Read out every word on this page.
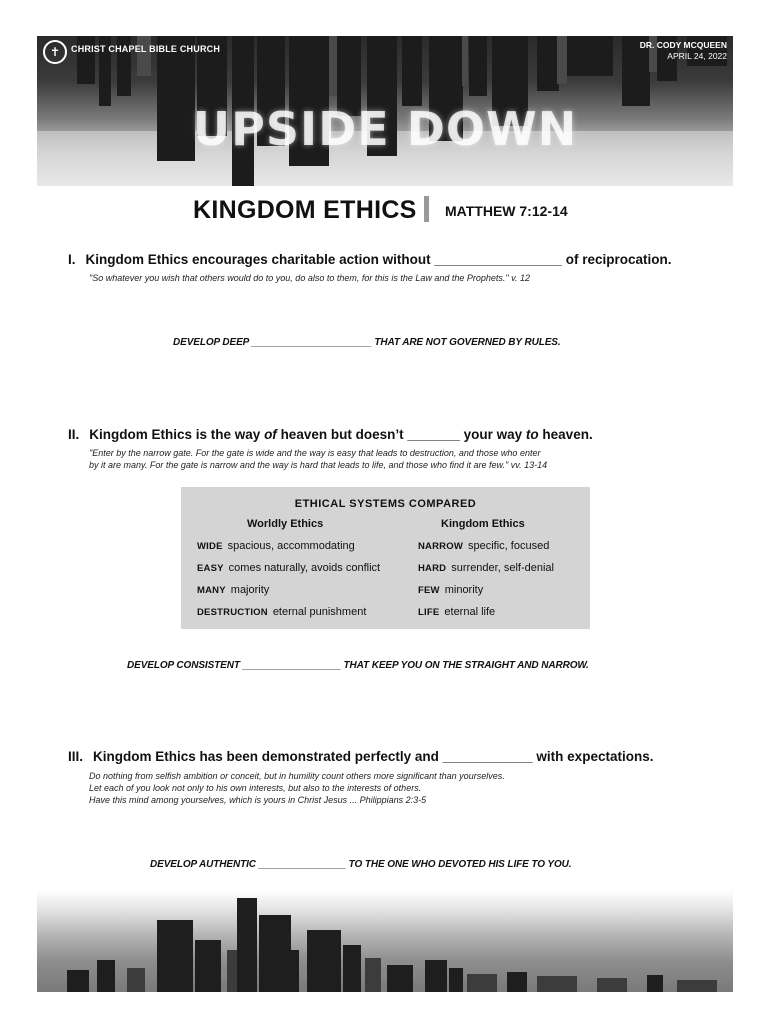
✝	CHRIST CHAPEL BIBLE CHURCH	DR. CODY MCQUEEN
APRIL 24, 2022
UPSIDE DOWN
KINGDOM ETHICS MATTHEW 7:12-14
I. Kingdom Ethics encourages charitable action without _________________ of reciprocation.
"So whatever you wish that others would do to you, do also to them, for this is the Law and the Prophets." v. 12
DEVELOP DEEP ______________________ THAT ARE NOT GOVERNED BY RULES.
II. Kingdom Ethics is the way of heaven but doesn’t _______ your way to heaven.
"Enter by the narrow gate. For the gate is wide and the way is easy that leads to destruction, and those who enter
by it are many. For the gate is narrow and the way is hard that leads to life, and those who find it are few." vv. 13-14
ETHICAL SYSTEMS COMPARED
Worldly Ethics	Kingdom Ethics
WIDE spacious, accommodating	NARROW specific, focused
EASY comes naturally, avoids conflict	HARD surrender, self-denial
MANY majority	FEW minority
DESTRUCTION eternal punishment	LIFE eternal life
DEVELOP CONSISTENT __________________ THAT KEEP YOU ON THE STRAIGHT AND NARROW.
III. Kingdom Ethics has been demonstrated perfectly and ____________ with expectations.
Do nothing from selfish ambition or conceit, but in humility count others more significant than yourselves.
Let each of you look not only to his own interests, but also to the interests of others.
Have this mind among yourselves, which is yours in Christ Jesus ... Philippians 2:3-5
DEVELOP AUTHENTIC ________________ TO THE ONE WHO DEVOTED HIS LIFE TO YOU.
